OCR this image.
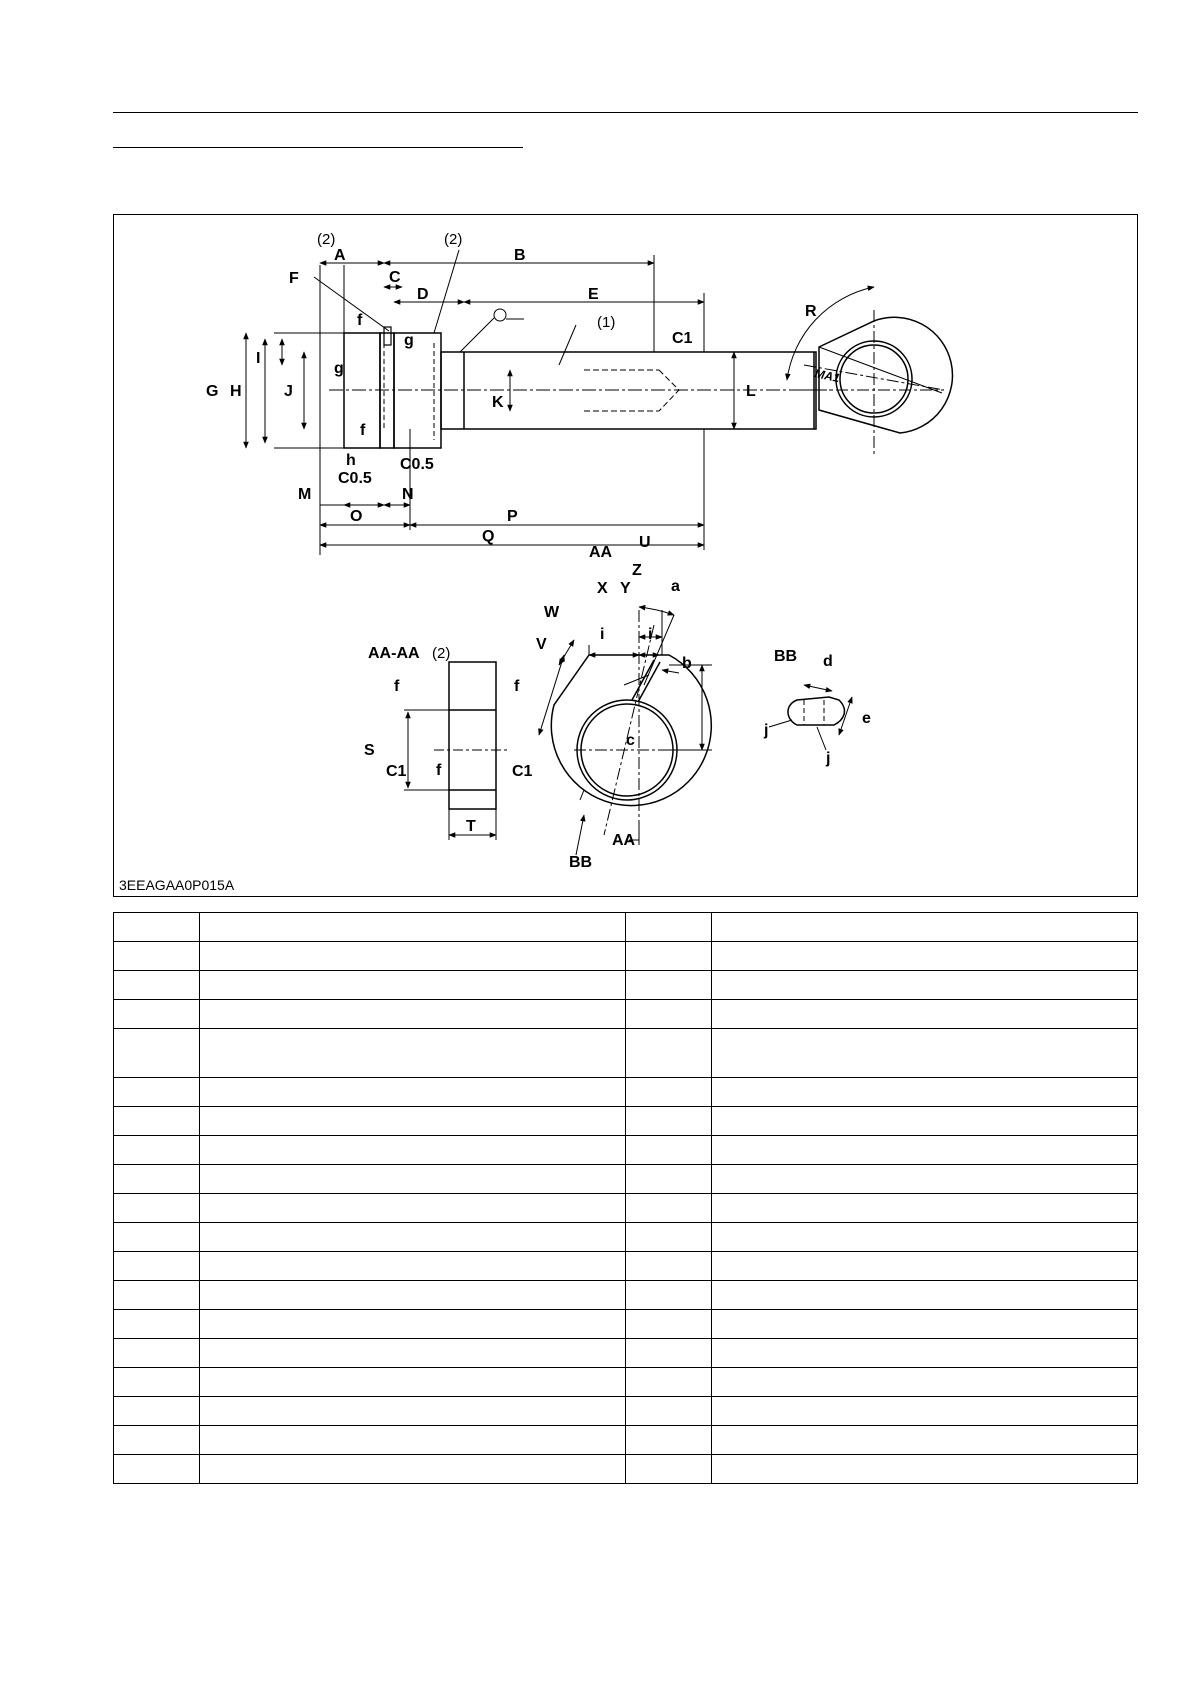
A	B
C
D	E
F
G H
I
J
K
L
C1
(2)	(2)
(1)
f
f
g
g
h
C0.5
C0.5
M	N
O	P
Q
R
MA1
AA-AA (2)
f	f
f
S
C1	C1
T
AA
U
Z
X Y	a
W
V
i	i
b
c
AA
BB
BB d
e
j
j
3EEAGAA0P015A
